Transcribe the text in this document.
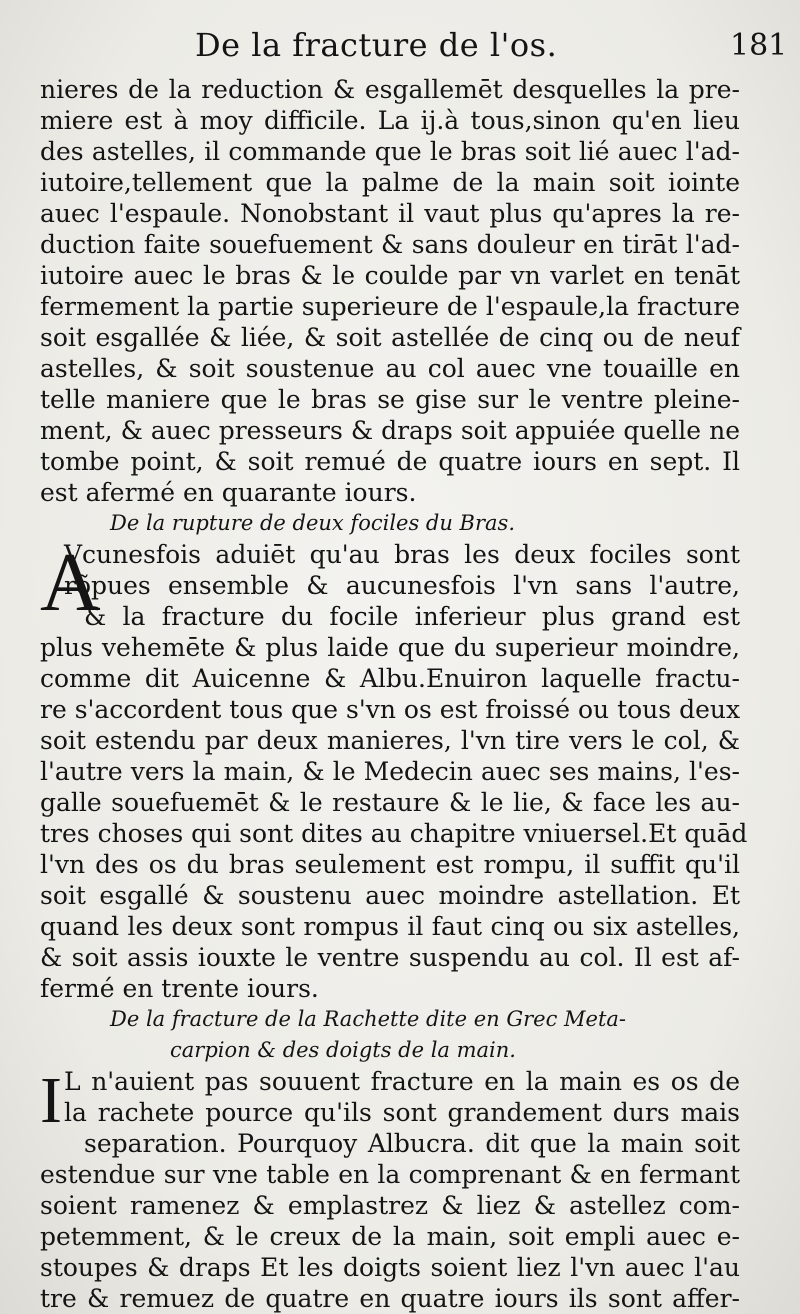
De la fracture de l'os.	181
nieres de la reduction & esgallemēt desquelles la pre-
miere est à moy difficile. La ij.à tous,sinon qu'en lieu
des astelles, il commande que le bras soit lié auec l'ad-
iutoire,tellement que la palme de la main soit iointe
auec l'espaule. Nonobstant il vaut plus qu'apres la re-
duction faite souefuement & sans douleur en tirāt l'ad-
iutoire auec le bras & le coulde par vn varlet en tenāt
fermement la partie superieure de l'espaule,la fracture
soit esgallée & liée, & soit astellée de cinq ou de neuf
astelles, & soit soustenue au col auec vne touaille en
telle maniere que le bras se gise sur le ventre pleine-
ment, & auec presseurs & draps soit appuiée quelle ne
tombe point, & soit remué de quatre iours en sept. Il
est afermé en quarante iours.
De la rupture de deux fociles du Bras.
A
Vcunesfois aduiēt qu'au bras les deux fociles sont
rõpues ensemble & aucunesfois l'vn sans l'autre,
& la fracture du focile inferieur plus grand est
plus vehemēte & plus laide que du superieur moindre,
comme dit Auicenne & Albu.Enuiron laquelle fractu-
re s'accordent tous que s'vn os est froissé ou tous deux
soit estendu par deux manieres, l'vn tire vers le col, &
l'autre vers la main, & le Medecin auec ses mains, l'es-
galle souefuemēt & le restaure & le lie, & face les au-
tres choses qui sont dites au chapitre vniuersel.Et quād
l'vn des os du bras seulement est rompu, il suffit qu'il
soit esgallé & soustenu auec moindre astellation. Et
quand les deux sont rompus il faut cinq ou six astelles,
& soit assis iouxte le ventre suspendu au col. Il est af-
fermé en trente iours.
De la fracture de la Rachette dite en Grec Meta-
carpion & des doigts de la main.
I L n'auient pas souuent fracture en la main es os de
la rachete pource qu'ils sont grandement durs mais
separation. Pourquoy Albucra. dit que la main soit
estendue sur vne table en la comprenant & en fermant
soient ramenez & emplastrez & liez & astellez com-
petemment, & le creux de la main, soit empli auec e-
stoupes & draps Et les doigts soient liez l'vn auec l'au
tre & remuez de quatre en quatre iours ils sont affer-
